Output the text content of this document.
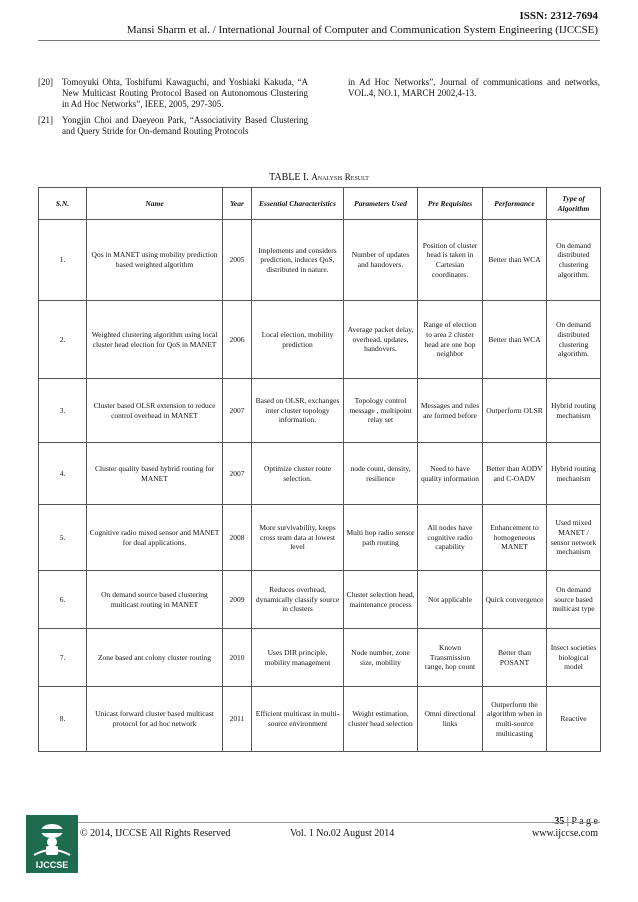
ISSN: 2312-7694
Mansi Sharm et al. / International Journal of Computer and Communication System Engineering (IJCCSE)
[20]	Tomoyuki Ohta, Toshifumi Kawaguchi, and Yoshiaki Kakuda, “A New Multicast Routing Protocol Based on Autonomous Clustering in Ad Hoc Networks”, IEEE, 2005, 297-305.
[21]	Yongjin Choi and Daeyeon Park, “Associativity Based Clustering and Query Stride for On-demand Routing Protocols
in Ad Hoc Networks”, Journal of communications and networks, VOL.4, NO.1, MARCH 2002,4-13.
TABLE I. Analysis Result
S.N.	Name	Year	Essential Characteristics	Parameters Used	Pre Requisites	Performance	Type of Algorithm
1.	Qos in MANET using mobility prediction based weighted algorithm	2005	Implements and considers prediction, induces QoS, distributed in nature.	Number of updates and handovers.	Position of cluster head is taken in Cartesian coordinates.	Better than WCA	On demand distributed clustering algorithm.
2.	Weighted clustering algorithm using local cluster head election for QoS in MANET	2006	Local election, mobility prediction	Average packet delay, overhead, updates, handovers.	Range of election to area 2 cluster head are one hop neighbor	Better than WCA	On demand distributed clustering algorithm.
3.	Cluster based OLSR extension to reduce control overhead in MANET	2007	Based on OLSR, exchanges inter cluster topology information.	Topology control message , multipoint relay set	Messages and rules are formed before	Outperform OLSR	Hybrid routing mechanism
4.	Cluster quality based hybrid routing for MANET	2007	Optimize cluster route selection.	node count, density, resilience	Need to have quality information	Better than AODV and C-OADV	Hybrid routing mechanism
5.	Cognitive radio mixed sensor and MANET for dual applications.	2008	More survivability, keeps cross team data at lowest level	Multi hop radio sensor path routing	All nodes have cognitive radio capability	Enhancement to homogeneous MANET	Used mixed MANET / sensor network mechanism
6.	On demand source based clustering multicast routing in MANET	2009	Reduces overhead, dynamically classify source in clusters	Cluster selection head, maintenance process	Not applicable	Quick convergence	On demand source based multicast type
7.	Zone based ant colony cluster routing	2010	Uses DIR principle, mobility management	Node number, zone size, mobility	Known Transmission range, hop count	Better than POSANT	Insect societies biological model
8.	Unicast forward cluster based multicast protocol for ad hoc network	2011	Efficient multicast in multi-source environment	Weight estimation, cluster head selection	Omni directional links	Outperform the algorithm when in multi-source multicasting	Reactive
35 | P a g e
IJCCSE
© 2014, IJCCSE All Rights Reserved	Vol. 1 No.02 August 2014	www.ijccse.com
